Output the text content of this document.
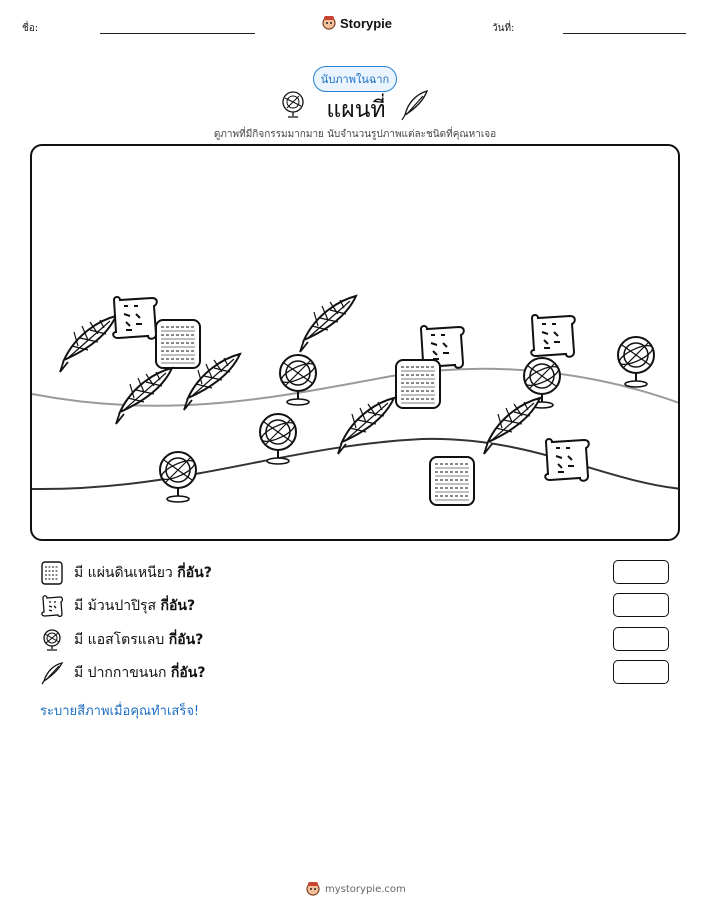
ชื่อ:	Storypie	วันที่:
นับภาพในฉาก
แผนที่
ดูภาพที่มีกิจกรรมมากมาย นับจำนวนรูปภาพแต่ละชนิดที่คุณหาเจอ
มี แผ่นดินเหนียว กี่อัน?
มี ม้วนปาปิรุส กี่อัน?
มี แอสโตรแลบ กี่อัน?
มี ปากกาขนนก กี่อัน?
ระบายสีภาพเมื่อคุณทำเสร็จ!
mystorypie.com
